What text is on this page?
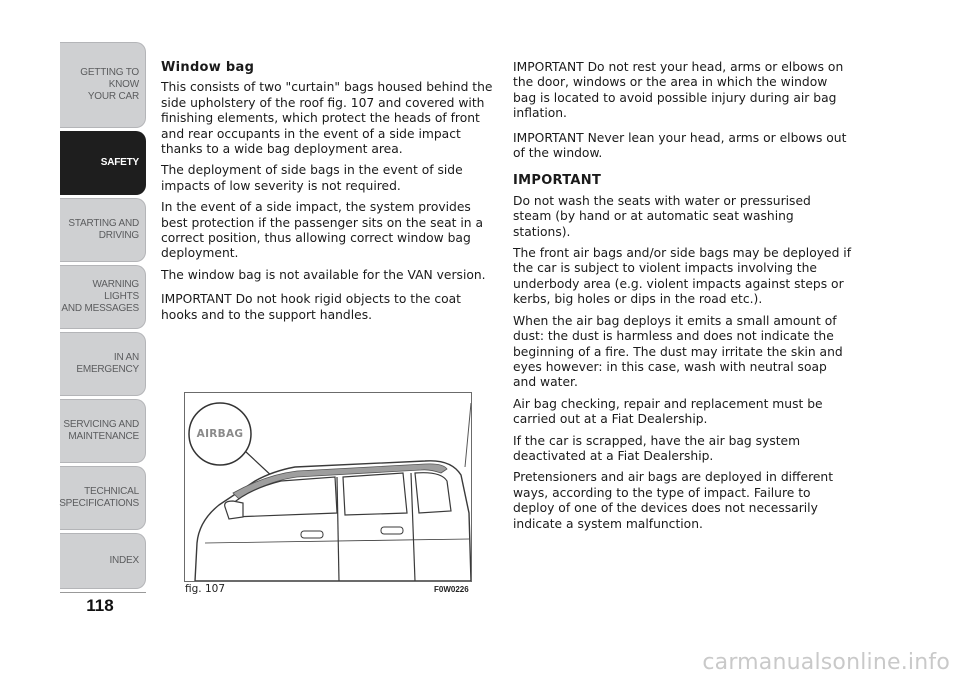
GETTING TO KNOW
YOUR CAR
SAFETY
STARTING AND
DRIVING
WARNING LIGHTS
AND MESSAGES
IN AN EMERGENCY
SERVICING AND
MAINTENANCE
TECHNICAL
SPECIFICATIONS
INDEX
118
Window bag

This consists of two "curtain" bags housed behind the side upholstery of the roof fig. 107 and covered with finishing elements, which protect the heads of front and rear occupants in the event of a side impact thanks to a wide bag deployment area.

The deployment of side bags in the event of side impacts of low severity is not required.

In the event of a side impact, the system provides best protection if the passenger sits on the seat in a correct position, thus allowing correct window bag deployment.

The window bag is not available for the VAN version.

IMPORTANT Do not hook rigid objects to the coat hooks and to the support handles.

AIRBAG
fig. 107	F0W0226

IMPORTANT Do not rest your head, arms or elbows on the door, windows or the area in which the window bag is located to avoid possible injury during air bag inflation.

IMPORTANT Never lean your head, arms or elbows out of the window.

IMPORTANT

Do not wash the seats with water or pressurised steam (by hand or at automatic seat washing stations).

The front air bags and/or side bags may be deployed if the car is subject to violent impacts involving the underbody area (e.g. violent impacts against steps or kerbs, big holes or dips in the road etc.).

When the air bag deploys it emits a small amount of dust: the dust is harmless and does not indicate the beginning of a fire. The dust may irritate the skin and eyes however: in this case, wash with neutral soap and water.

Air bag checking, repair and replacement must be carried out at a Fiat Dealership.

If the car is scrapped, have the air bag system deactivated at a Fiat Dealership.

Pretensioners and air bags are deployed in different ways, according to the type of impact. Failure to deploy of one of the devices does not necessarily indicate a system malfunction.

carmanualsonline.info
